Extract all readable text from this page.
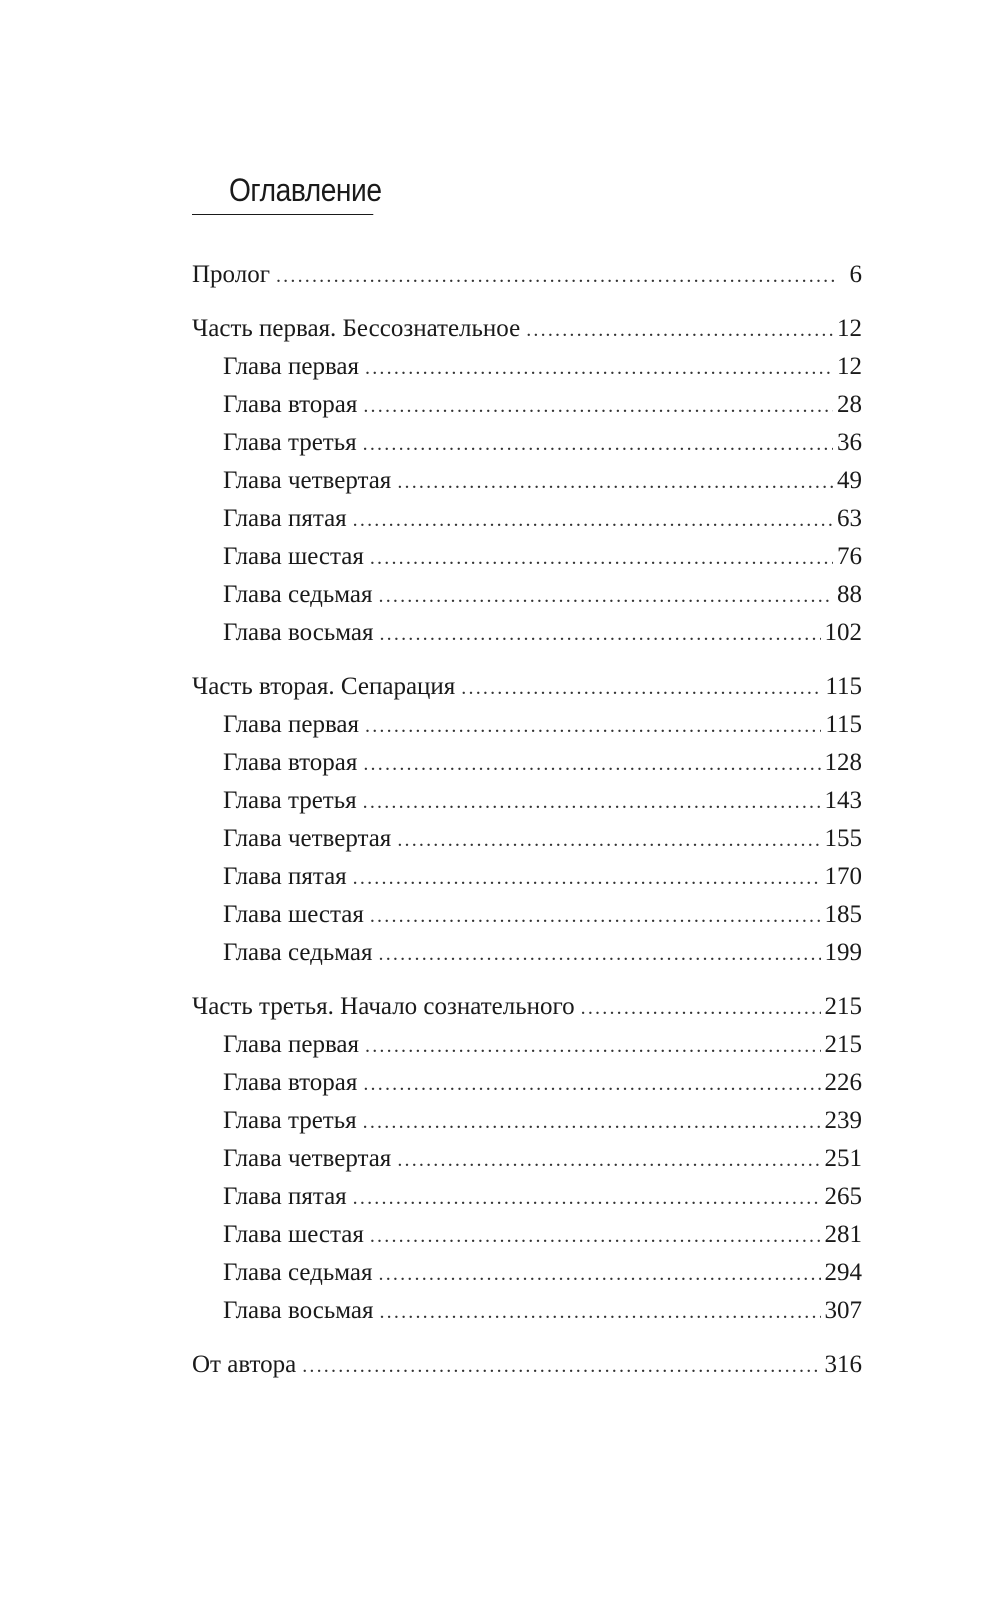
Оглавление
Пролог .....	6
Часть первая. Бессознательное .....	12
Глава первая .....	12
Глава вторая .....	28
Глава третья .....	36
Глава четвертая .....	49
Глава пятая .....	63
Глава шестая .....	76
Глава седьмая .....	88
Глава восьмая .....	102
Часть вторая. Сепарация .....	115
Глава первая .....	115
Глава вторая .....	128
Глава третья .....	143
Глава четвертая .....	155
Глава пятая .....	170
Глава шестая .....	185
Глава седьмая .....	199
Часть третья. Начало сознательного .....	215
Глава первая .....	215
Глава вторая .....	226
Глава третья .....	239
Глава четвертая .....	251
Глава пятая .....	265
Глава шестая .....	281
Глава седьмая .....	294
Глава восьмая .....	307
От автора .....	316
